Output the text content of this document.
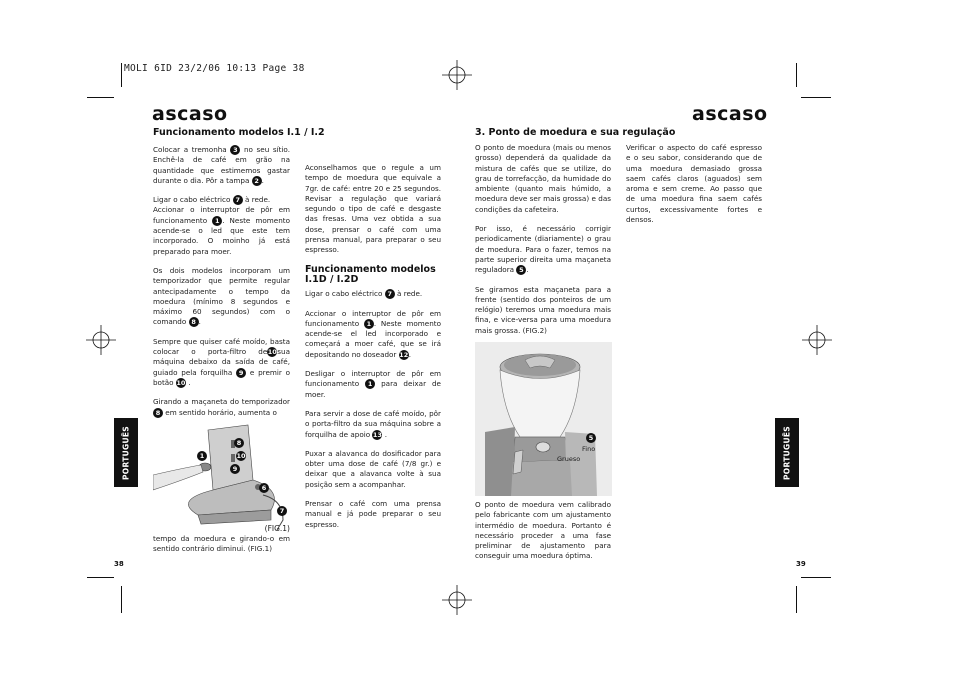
MOLI 6ID 23/2/06 10:13 Page 38
ascaso	ascaso
PORTUGUÊS	PORTUGUÊS
38	39
Funcionamento modelos I.1 / I.2

Colocar a tremonha 3 no seu sítio. Enchê-la de café em grão na quantidade que estimemos gastar durante o dia. Pôr a tampa 2 .

Ligar o cabo eléctrico 7 à rede.

Accionar o interruptor de pôr em funcionamento 1 . Neste momento acende-se o led que este tem incorporado. O moinho já está preparado para moer.

Os dois modelos incorporam um temporizador que permite regular antecipadamente o tempo da moedura (mínimo 8 segundos e máximo 60 segundos) com o comando 8 .

Sempre que quiser café moído, basta colocar o porta-filtro de10sua máquina debaixo da saída de café, guiado pela forquilha 9 e premir o botão 10 .

Girando a maçaneta do temporizador 8 em sentido horário, aumenta o

1
8
10
9
6
7
(FIG.1)

tempo da moedura e girando-o em sentido contrário diminui. (FIG.1)

Aconselhamos que o regule a um tempo de moedura que equivale a 7gr. de café: entre 20 e 25 segundos. Revisar a regulação que variará segundo o tipo de café e desgaste das fresas. Uma vez obtida a sua dose, prensar o café com uma prensa manual, para preparar o seu espresso.

Funcionamento modelos
I.1D / I.2D

Ligar o cabo eléctrico 7 à rede.

Accionar o interruptor de pôr em funcionamento 1 . Neste momento acende-se el led incorporado e começará a moer café, que se irá depositando no doseador 12.

Desligar o interruptor de pôr em funcionamento 1 para deixar de moer.

Para servir a dose de café moído, pôr o porta-filtro da sua máquina sobre a forquilha de apoio 13 .

Puxar a alavanca do dosificador para obter uma dose de café (7/8 gr.) e deixar que a alavanca volte à sua posição sem a acompanhar.

Prensar o café com uma prensa manual e já pode preparar o seu espresso.

3. Ponto de moedura e sua regulação

O ponto de moedura (mais ou menos grosso) dependerá da qualidade da mistura de cafés que se utilize, do grau de torrefacção, da humidade do ambiente (quanto mais húmido, a moedura deve ser mais grossa) e das condições da cafeteira.

Por isso, é necessário corrigir periodicamente (diariamente) o grau de moedura. Para o fazer, temos na parte superior direita uma maçaneta reguladora 5 .

Se giramos esta maçaneta para a frente (sentido dos ponteiros de um relógio) teremos uma moedura mais fina, e vice-versa para uma moedura mais grossa. (FIG.2)

5
Fino
Grueso

O ponto de moedura vem calibrado pelo fabricante com um ajustamento intermédio de moedura. Portanto é necessário proceder a uma fase preliminar de ajustamento para conseguir uma moedura óptima.

Verificar o aspecto do café espresso e o seu sabor, considerando que de uma moedura demasiado grossa saem cafés claros (aguados) sem aroma e sem creme. Ao passo que de uma moedura fina saem cafés curtos, excessivamente fortes e densos.
